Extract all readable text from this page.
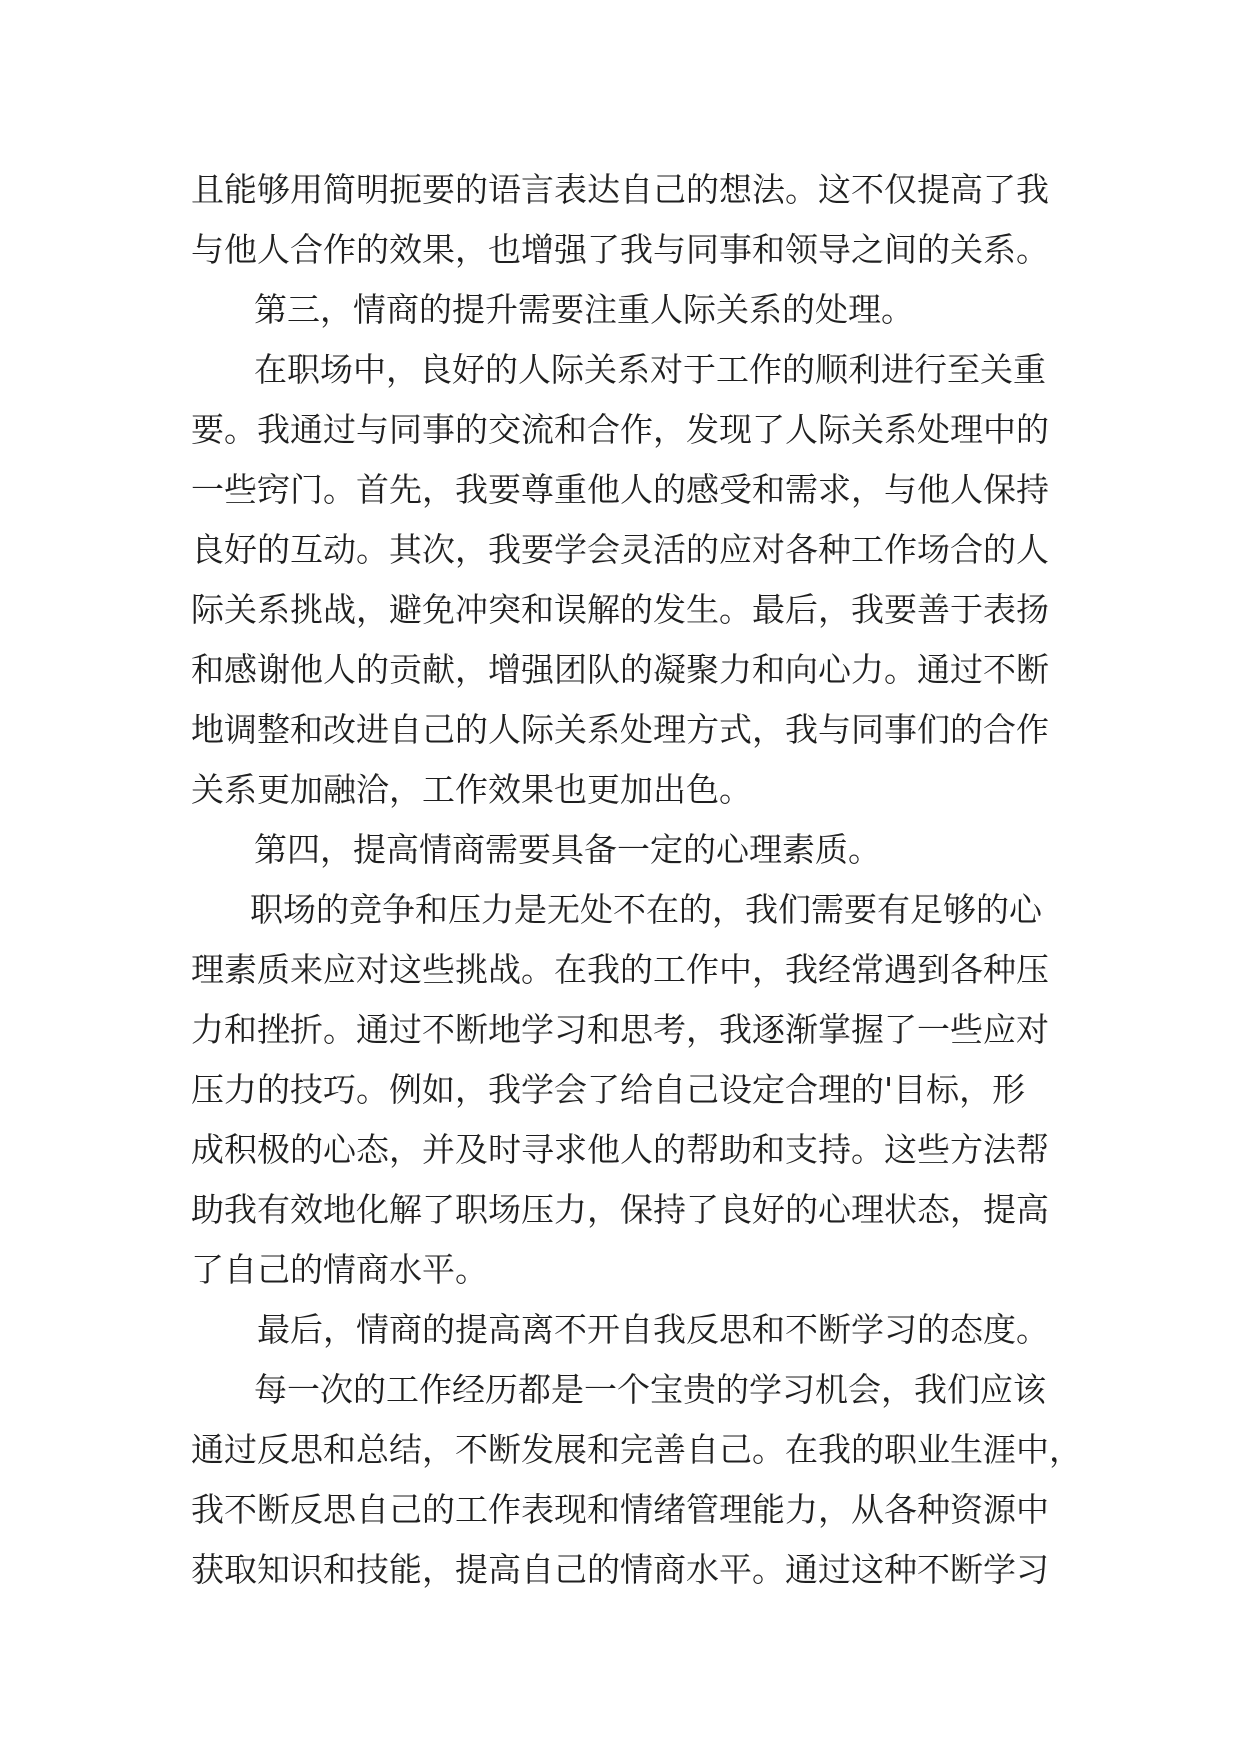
且能够用简明扼要的语言表达自己的想法。这不仅提高了我
与他人合作的效果，也增强了我与同事和领导之间的关系。
第三，情商的提升需要注重人际关系的处理。
在职场中，良好的人际关系对于工作的顺利进行至关重
要。我通过与同事的交流和合作，发现了人际关系处理中的
一些窍门。首先，我要尊重他人的感受和需求，与他人保持
良好的互动。其次，我要学会灵活的应对各种工作场合的人
际关系挑战，避免冲突和误解的发生。最后，我要善于表扬
和感谢他人的贡献，增强团队的凝聚力和向心力。通过不断
地调整和改进自己的人际关系处理方式，我与同事们的合作
关系更加融洽，工作效果也更加出色。
第四，提高情商需要具备一定的心理素质。
职场的竞争和压力是无处不在的，我们需要有足够的心
理素质来应对这些挑战。在我的工作中，我经常遇到各种压
力和挫折。通过不断地学习和思考，我逐渐掌握了一些应对
压力的技巧。例如，我学会了给自己设定合理的'目标，形
成积极的心态，并及时寻求他人的帮助和支持。这些方法帮
助我有效地化解了职场压力，保持了良好的心理状态，提高
了自己的情商水平。
最后，情商的提高离不开自我反思和不断学习的态度。
每一次的工作经历都是一个宝贵的学习机会，我们应该
通过反思和总结，不断发展和完善自己。在我的职业生涯中，
我不断反思自己的工作表现和情绪管理能力，从各种资源中
获取知识和技能，提高自己的情商水平。通过这种不断学习
